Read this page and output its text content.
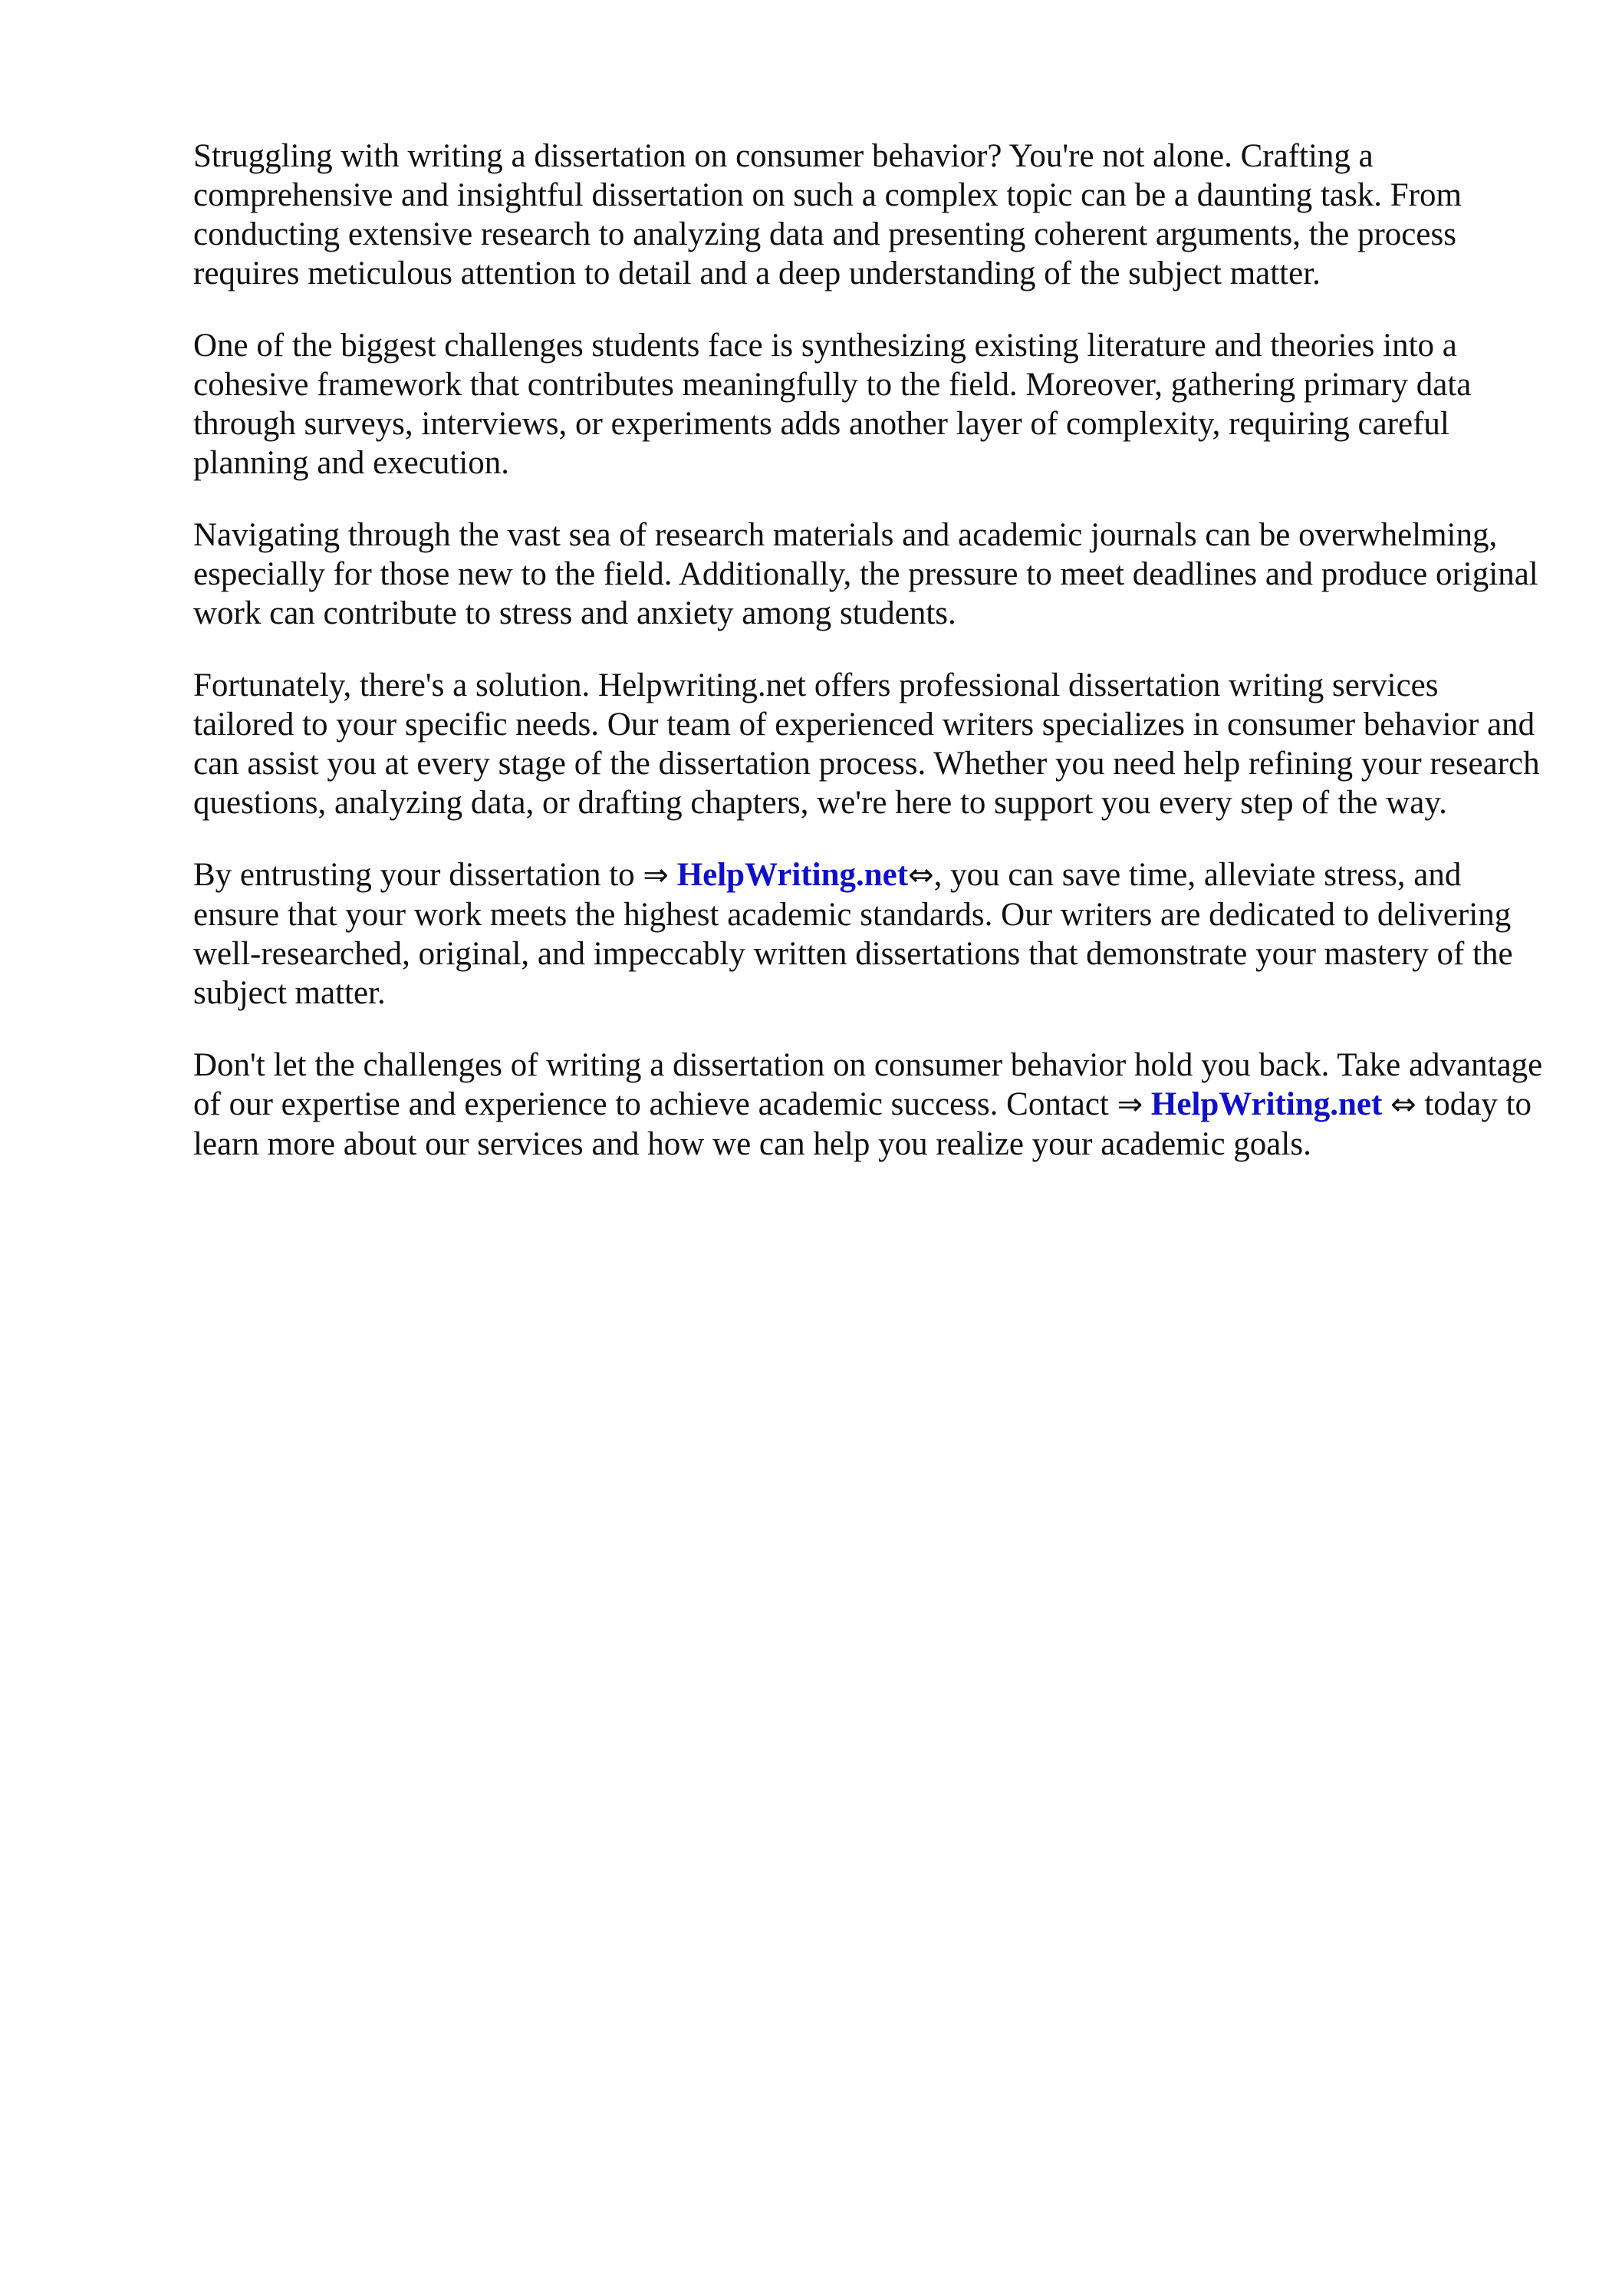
Struggling with writing a dissertation on consumer behavior? You're not alone. Crafting a comprehensive and insightful dissertation on such a complex topic can be a daunting task. From conducting extensive research to analyzing data and presenting coherent arguments, the process requires meticulous attention to detail and a deep understanding of the subject matter.

One of the biggest challenges students face is synthesizing existing literature and theories into a cohesive framework that contributes meaningfully to the field. Moreover, gathering primary data through surveys, interviews, or experiments adds another layer of complexity, requiring careful planning and execution.

Navigating through the vast sea of research materials and academic journals can be overwhelming, especially for those new to the field. Additionally, the pressure to meet deadlines and produce original work can contribute to stress and anxiety among students.

Fortunately, there's a solution. Helpwriting.net offers professional dissertation writing services tailored to your specific needs. Our team of experienced writers specializes in consumer behavior and can assist you at every stage of the dissertation process. Whether you need help refining your research questions, analyzing data, or drafting chapters, we're here to support you every step of the way.

By entrusting your dissertation to ⇒ HelpWriting.net⇔, you can save time, alleviate stress, and ensure that your work meets the highest academic standards. Our writers are dedicated to delivering well-researched, original, and impeccably written dissertations that demonstrate your mastery of the subject matter.

Don't let the challenges of writing a dissertation on consumer behavior hold you back. Take advantage of our expertise and experience to achieve academic success. Contact ⇒ HelpWriting.net ⇔ today to learn more about our services and how we can help you realize your academic goals.
